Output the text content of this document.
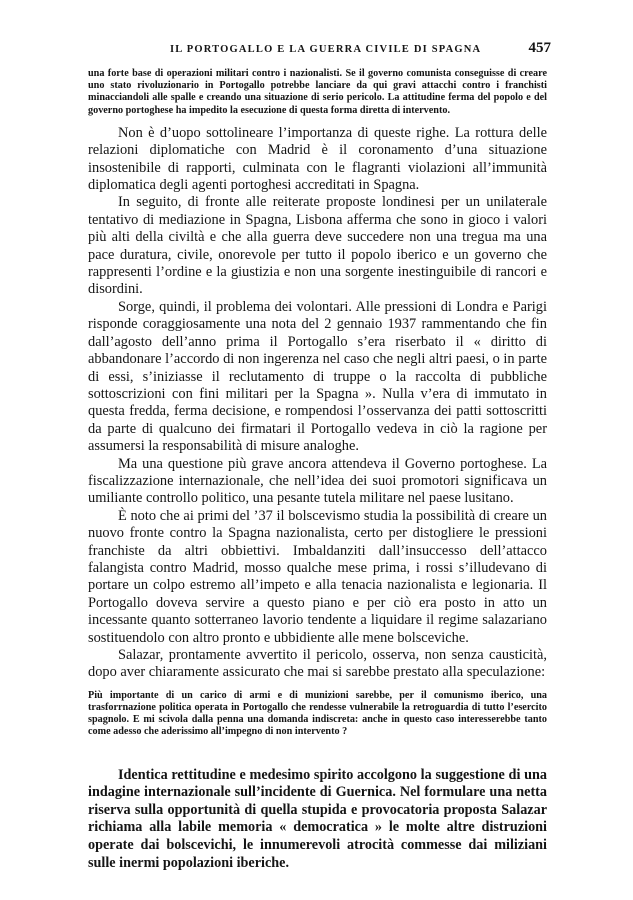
IL PORTOGALLO E LA GUERRA CIVILE DI SPAGNA	457

una forte base di operazioni militari contro i nazionalisti. Se il governo comunista conseguisse di creare uno stato rivoluzionario in Portogallo potrebbe lanciare da qui gravi attacchi contro i franchisti minacciandoli alle spalle e creando una situazione di serio pericolo. La attitudine ferma del popolo e del governo portoghese ha impedito la esecuzione di questa forma diretta di intervento.

Non è d’uopo sottolineare l’importanza di queste righe. La rottura delle relazioni diplomatiche con Madrid è il coronamento d’una situazione insostenibile di rapporti, culminata con le flagranti violazioni all’immunità diplomatica degli agenti portoghesi accreditati in Spagna.

In seguito, di fronte alle reiterate proposte londinesi per un unilaterale tentativo di mediazione in Spagna, Lisbona afferma che sono in gioco i valori più alti della civiltà e che alla guerra deve succedere non una tregua ma una pace duratura, civile, onorevole per tutto il popolo iberico e un governo che rappresenti l’ordine e la giustizia e non una sorgente inestinguibile di rancori e disordini.

Sorge, quindi, il problema dei volontari. Alle pressioni di Londra e Parigi risponde coraggiosamente una nota del 2 gennaio 1937 rammentando che fin dall’agosto dell’anno prima il Portogallo s’era riserbato il « diritto di abbandonare l’accordo di non ingerenza nel caso che negli altri paesi, o in parte di essi, s’iniziasse il reclutamento di truppe o la raccolta di pubbliche sottoscrizioni con fini militari per la Spagna ». Nulla v’era di immutato in questa fredda, ferma decisione, e rompendosi l’osservanza dei patti sottoscritti da parte di qualcuno dei firmatari il Portogallo vedeva in ciò la ragione per assumersi la responsabilità di misure analoghe.

Ma una questione più grave ancora attendeva il Governo portoghese. La fiscalizzazione internazionale, che nell’idea dei suoi promotori significava un umiliante controllo politico, una pesante tutela militare nel paese lusitano.

È noto che ai primi del ’37 il bolscevismo studia la possibilità di creare un nuovo fronte contro la Spagna nazionalista, certo per distogliere le pressioni franchiste da altri obbiettivi. Imbaldanziti dall’insuccesso dell’attacco falangista contro Madrid, mosso qualche mese prima, i rossi s’illudevano di portare un colpo estremo all’impeto e alla tenacia nazionalista e legionaria. Il Portogallo doveva servire a questo piano e per ciò era posto in atto un incessante quanto sotterraneo lavorio tendente a liquidare il regime salazariano sostituendolo con altro pronto e ubbidiente alle mene bolsceviche.

Salazar, prontamente avvertito il pericolo, osserva, non senza causticità, dopo aver chiaramente assicurato che mai si sarebbe prestato alla speculazione:

Più importante di un carico di armi e di munizioni sarebbe, per il comunismo iberico, una trasforrnazione politica operata in Portogallo che rendesse vulnerabile la retroguardia di tutto l’esercito spagnolo. E mi scivola dalla penna una domanda indiscreta: anche in questo caso interesserebbe tanto come adesso che aderissimo all’impegno di non intervento ?

Identica rettitudine e medesimo spirito accolgono la suggestione di una indagine internazionale sull’incidente di Guernica. Nel formulare una netta riserva sulla opportunità di quella stupida e provocatoria proposta Salazar richiama alla labile memoria « democratica » le molte altre distruzioni operate dai bolscevichi, le innumerevoli atrocità commesse dai miliziani sulle inermi popolazioni iberiche.
